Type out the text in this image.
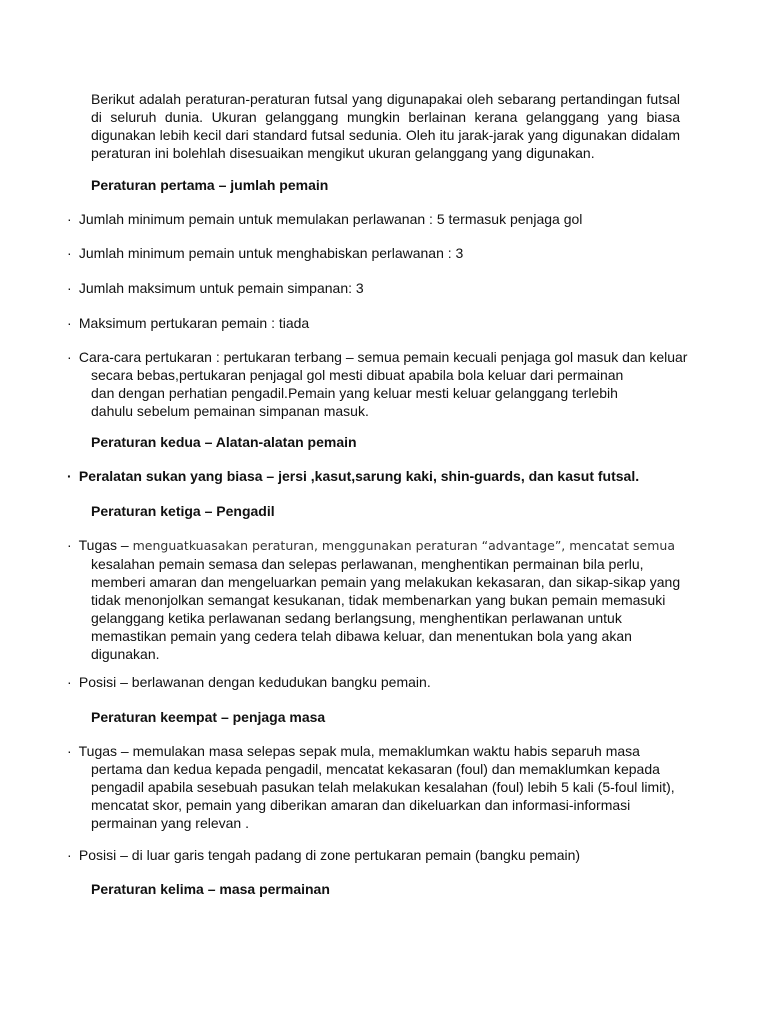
Berikut adalah peraturan-peraturan futsal yang digunapakai oleh sebarang pertandingan futsal di seluruh dunia. Ukuran gelanggang mungkin berlainan kerana gelanggang yang biasa digunakan lebih kecil dari standard futsal sedunia. Oleh itu jarak-jarak yang digunakan didalam peraturan ini bolehlah disesuaikan mengikut ukuran gelanggang yang digunakan.

Peraturan pertama – jumlah pemain

· Jumlah minimum pemain untuk memulakan perlawanan : 5 termasuk penjaga gol

· Jumlah minimum pemain untuk menghabiskan perlawanan : 3

· Jumlah maksimum untuk pemain simpanan: 3

· Maksimum pertukaran pemain : tiada

· Cara-cara pertukaran : pertukaran terbang – semua pemain kecuali penjaga gol masuk dan keluar
secara bebas,pertukaran penjagal gol mesti dibuat apabila bola keluar dari permainan dan dengan perhatian pengadil.Pemain yang keluar mesti keluar gelanggang terlebih dahulu sebelum pemainan simpanan masuk.

Peraturan kedua – Alatan-alatan pemain

· Peralatan sukan yang biasa – jersi ,kasut,sarung kaki, shin-guards, dan kasut futsal.

Peraturan ketiga – Pengadil

· Tugas – menguatkuasakan peraturan, menggunakan peraturan “advantage”, mencatat semua
kesalahan pemain semasa dan selepas perlawanan, menghentikan permainan bila perlu, memberi amaran dan mengeluarkan pemain yang melakukan kekasaran, dan sikap-sikap yang tidak menonjolkan semangat kesukanan, tidak membenarkan yang bukan pemain memasuki gelanggang ketika perlawanan sedang berlangsung, menghentikan perlawanan untuk memastikan pemain yang cedera telah dibawa keluar, dan menentukan bola yang akan digunakan.

· Posisi – berlawanan dengan kedudukan bangku pemain.

Peraturan keempat – penjaga masa

· Tugas – memulakan masa selepas sepak mula, memaklumkan waktu habis separuh masa
pertama dan kedua kepada pengadil, mencatat kekasaran (foul) dan memaklumkan kepada pengadil apabila sesebuah pasukan telah melakukan kesalahan (foul) lebih 5 kali (5-foul limit), mencatat skor, pemain yang diberikan amaran dan dikeluarkan dan informasi-informasi permainan yang relevan .

· Posisi – di luar garis tengah padang di zone pertukaran pemain (bangku pemain)

Peraturan kelima – masa permainan
